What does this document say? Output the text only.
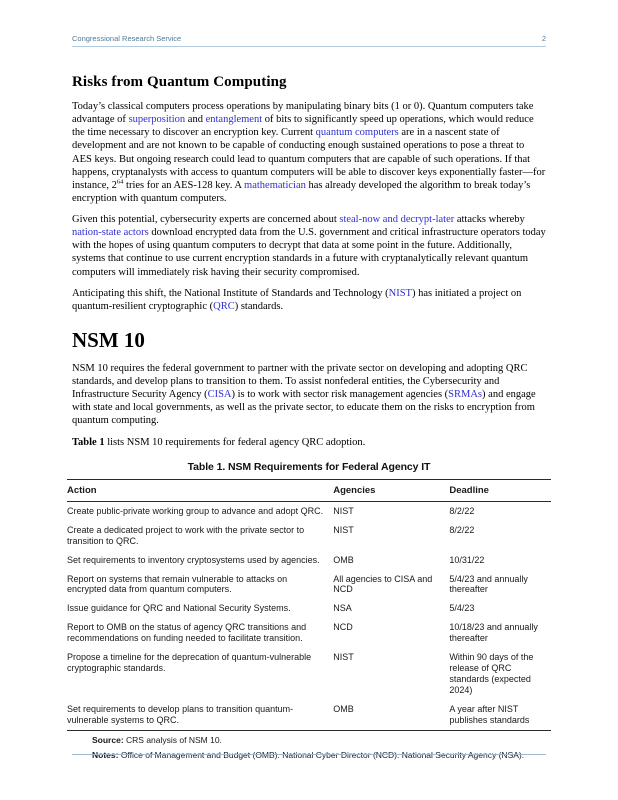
Congressional Research Service	2
Risks from Quantum Computing

Today’s classical computers process operations by manipulating binary bits (1 or 0). Quantum computers take advantage of superposition and entanglement of bits to significantly speed up operations, which would reduce the time necessary to discover an encryption key. Current quantum computers are in a nascent state of development and are not known to be capable of conducting enough sustained operations to pose a threat to AES keys. But ongoing research could lead to quantum computers that are capable of such operations. If that happens, cryptanalysts with access to quantum computers will be able to discover keys exponentially faster—for instance, $2^{64}$ tries for an AES-128 key. A mathematician has already developed the algorithm to break today’s encryption with quantum computers.

Given this potential, cybersecurity experts are concerned about steal-now and decrypt-later attacks whereby nation-state actors download encrypted data from the U.S. government and critical infrastructure operators today with the hopes of using quantum computers to decrypt that data at some point in the future. Additionally, systems that continue to use current encryption standards in a future with cryptanalytically relevant quantum computers will immediately risk having their security compromised.

Anticipating this shift, the National Institute of Standards and Technology (NIST) has initiated a project on quantum-resilient cryptographic (QRC) standards.

NSM 10

NSM 10 requires the federal government to partner with the private sector on developing and adopting QRC standards, and develop plans to transition to them. To assist nonfederal entities, the Cybersecurity and Infrastructure Security Agency (CISA) is to work with sector risk management agencies (SRMAs) and engage with state and local governments, as well as the private sector, to educate them on the risks to encryption from quantum computing.

Table 1 lists NSM 10 requirements for federal agency QRC adoption.

Table 1. NSM Requirements for Federal Agency IT
Action	Agencies	Deadline
Create public-private working group to advance and adopt QRC.	NIST	8/2/22
Create a dedicated project to work with the private sector to transition to QRC.	NIST	8/2/22
Set requirements to inventory cryptosystems used by agencies.	OMB	10/31/22
Report on systems that remain vulnerable to attacks on encrypted data from quantum computers.	All agencies to CISA and NCD	5/4/23 and annually thereafter
Issue guidance for QRC and National Security Systems.	NSA	5/4/23
Report to OMB on the status of agency QRC transitions and recommendations on funding needed to facilitate transition.	NCD	10/18/23 and annually thereafter
Propose a timeline for the deprecation of quantum-vulnerable cryptographic standards.	NIST	Within 90 days of the release of QRC standards (expected 2024)
Set requirements to develop plans to transition quantum-vulnerable systems to QRC.	OMB	A year after NIST publishes standards

Source: CRS analysis of NSM 10.

Notes: Office of Management and Budget (OMB). National Cyber Director (NCD). National Security Agency (NSA).
